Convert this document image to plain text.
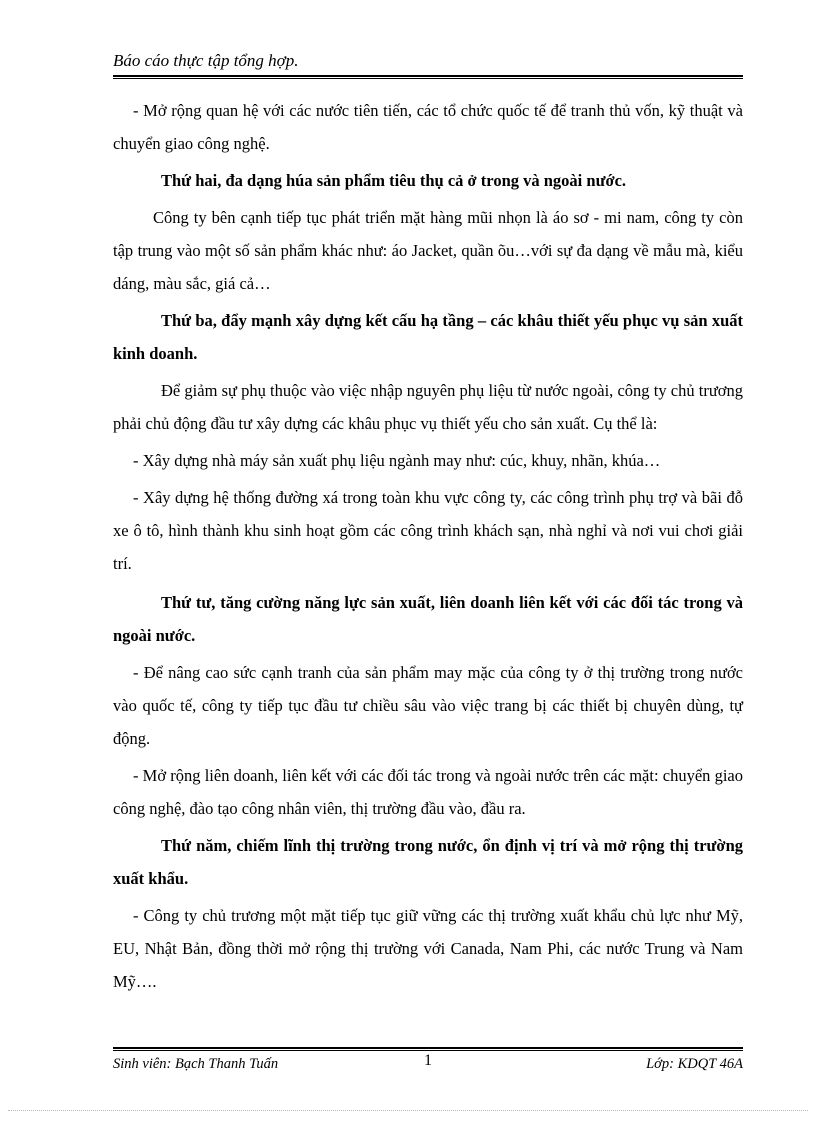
Báo cáo thực tập tổng hợp.

- Mở rộng quan hệ với các nước tiên tiến, các tổ chức quốc tế để tranh thủ vốn, kỹ thuật và chuyển giao công nghệ.

Thứ hai, đa dạng húa sản phẩm tiêu thụ cả ở trong và ngoài nước.

Công ty bên cạnh tiếp tục phát triển mặt hàng mũi nhọn là áo sơ - mi nam, công ty còn tập trung vào một số sản phẩm khác như: áo Jacket, quần õu…với sự đa dạng về mẫu mà, kiểu dáng, màu sắc, giá cả…

Thứ ba, đẩy mạnh xây dựng kết cấu hạ tầng – các khâu thiết yếu phục vụ sản xuất kinh doanh.

Để giảm sự phụ thuộc vào việc nhập nguyên phụ liệu từ nước ngoài, công ty chủ trương phải chủ động đầu tư xây dựng các khâu phục vụ thiết yếu cho sản xuất. Cụ thể là:

- Xây dựng nhà máy sản xuất phụ liệu ngành may như: cúc, khuy, nhãn, khúa…

- Xây dựng hệ thống đường xá trong toàn khu vực công ty, các công trình phụ trợ và bãi đỗ xe ô tô, hình thành khu sinh hoạt gồm các công trình khách sạn, nhà nghỉ và nơi vui chơi giải trí.

Thứ tư, tăng cường năng lực sản xuất, liên doanh liên kết với các đối tác trong và ngoài nước.

- Để nâng cao sức cạnh tranh của sản phẩm may mặc của công ty ở thị trường trong nước vào quốc tế, công ty tiếp tục đầu tư chiều sâu vào việc trang bị các thiết bị chuyên dùng, tự động.

- Mở rộng liên doanh, liên kết với các đối tác trong và ngoài nước trên các mặt: chuyển giao công nghệ, đào tạo công nhân viên, thị trường đầu vào, đầu ra.

Thứ năm, chiếm lĩnh thị trường trong nước, ổn định vị trí và mở rộng thị trường xuất khẩu.

- Công ty chủ trương một mặt tiếp tục giữ vững các thị trường xuất khẩu chủ lực như Mỹ, EU, Nhật Bản, đồng thời mở rộng thị trường với Canada, Nam Phi, các nước Trung và Nam Mỹ….

Sinh viên: Bạch Thanh Tuấn	1	Lớp: KDQT 46A
